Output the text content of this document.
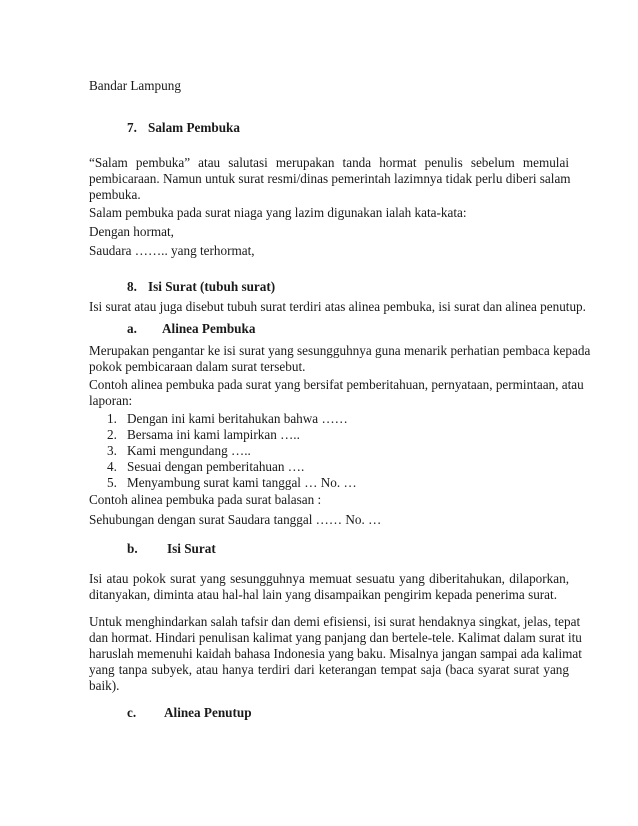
Bandar Lampung
7. Salam Pembuka
“Salam pembuka” atau salutasi merupakan tanda hormat penulis sebelum memulai
pembicaraan. Namun untuk surat resmi/dinas pemerintah lazimnya tidak perlu diberi salam
pembuka.
Salam pembuka pada surat niaga yang lazim digunakan ialah kata-kata:
Dengan hormat,
Saudara …….. yang terhormat,
8. Isi Surat (tubuh surat)
Isi surat atau juga disebut tubuh surat terdiri atas alinea pembuka, isi surat dan alinea penutup.
a. Alinea Pembuka
Merupakan pengantar ke isi surat yang sesungguhnya guna menarik perhatian pembaca kepada
pokok pembicaraan dalam surat tersebut.
Contoh alinea pembuka pada surat yang bersifat pemberitahuan, pernyataan, permintaan, atau
laporan:
1. Dengan ini kami beritahukan bahwa ……
2. Bersama ini kami lampirkan …..
3. Kami mengundang …..
4. Sesuai dengan pemberitahuan ….
5. Menyambung surat kami tanggal … No. …
Contoh alinea pembuka pada surat balasan :
Sehubungan dengan surat Saudara tanggal …… No. …
b. Isi Surat
Isi atau pokok surat yang sesungguhnya memuat sesuatu yang diberitahukan, dilaporkan,
ditanyakan, diminta atau hal-hal lain yang disampaikan pengirim kepada penerima surat.
Untuk menghindarkan salah tafsir dan demi efisiensi, isi surat hendaknya singkat, jelas, tepat
dan hormat. Hindari penulisan kalimat yang panjang dan bertele-tele. Kalimat dalam surat itu
haruslah memenuhi kaidah bahasa Indonesia yang baku. Misalnya jangan sampai ada kalimat
yang tanpa subyek, atau hanya terdiri dari keterangan tempat saja (baca syarat surat yang
baik).
c. Alinea Penutup
